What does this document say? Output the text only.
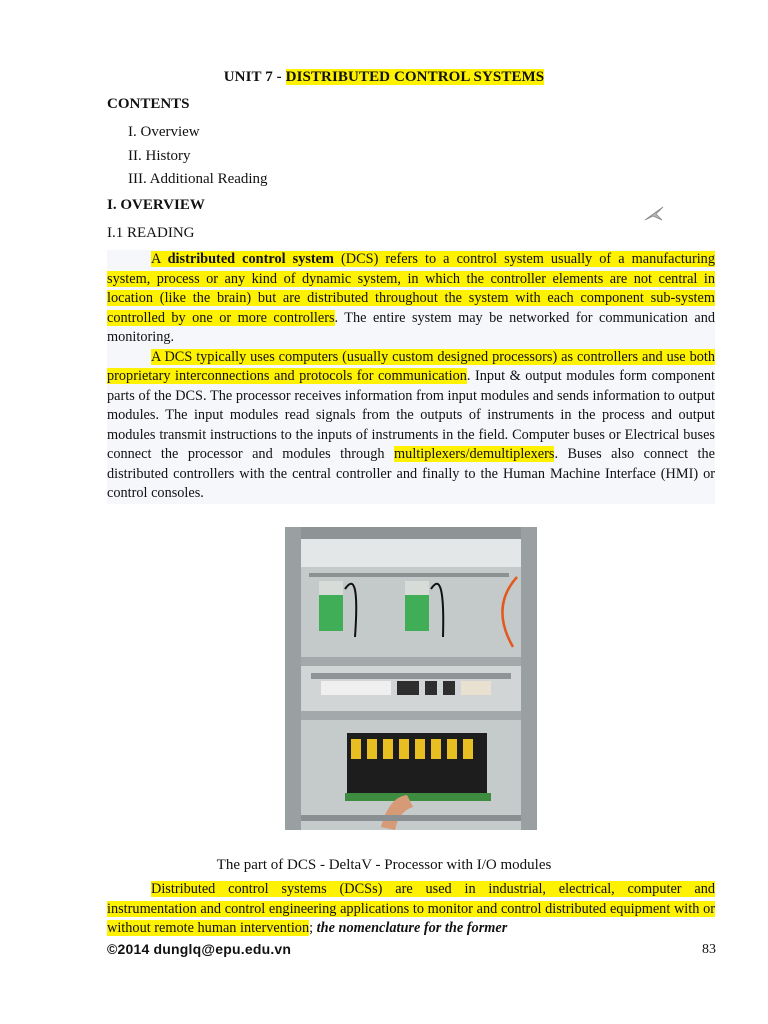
UNIT 7 - DISTRIBUTED CONTROL SYSTEMS
CONTENTS
I. Overview
II. History
III. Additional Reading
I. OVERVIEW
I.1 READING

A distributed control system (DCS) refers to a control system usually of a manufacturing system, process or any kind of dynamic system, in which the controller elements are not central in location (like the brain) but are distributed throughout the system with each component sub-system controlled by one or more controllers. The entire system may be networked for communication and monitoring.

A DCS typically uses computers (usually custom designed processors) as controllers and use both proprietary interconnections and protocols for communication. Input & output modules form component parts of the DCS. The processor receives information from input modules and sends information to output modules. The input modules read signals from the outputs of instruments in the process and output modules transmit instructions to the inputs of instruments in the field. Computer buses or Electrical buses connect the processor and modules through multiplexers/demultiplexers. Buses also connect the distributed controllers with the central controller and finally to the Human Machine Interface (HMI) or control consoles.

The part of DCS - DeltaV - Processor with I/O modules

Distributed control systems (DCSs) are used in industrial, electrical, computer and instrumentation and control engineering applications to monitor and control distributed equipment with or without remote human intervention; the nomenclature for the former

©2014 dunglq@epu.edu.vn	83
